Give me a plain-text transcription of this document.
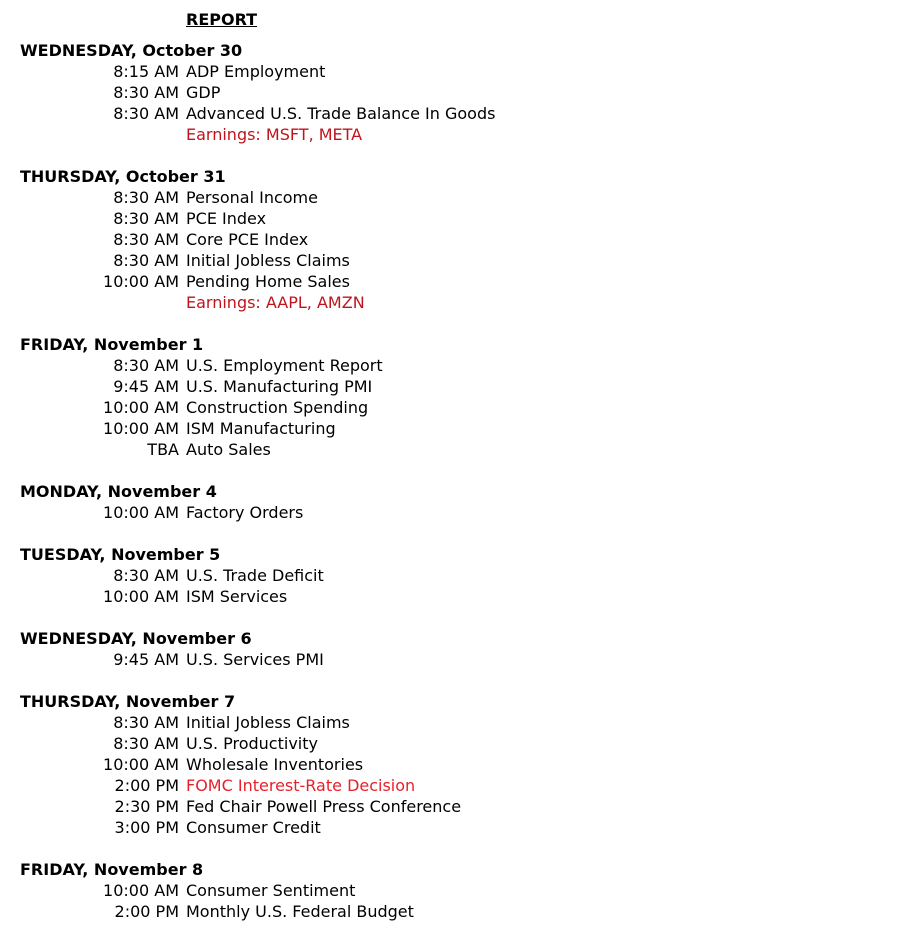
REPORT
WEDNESDAY, October 30
8:15 AM ADP Employment
8:30 AM GDP
8:30 AM Advanced U.S. Trade Balance In Goods
Earnings: MSFT, META
THURSDAY, October 31
8:30 AM Personal Income
8:30 AM PCE Index
8:30 AM Core PCE Index
8:30 AM Initial Jobless Claims
10:00 AM Pending Home Sales
Earnings: AAPL, AMZN
FRIDAY, November 1
8:30 AM U.S. Employment Report
9:45 AM U.S. Manufacturing PMI
10:00 AM Construction Spending
10:00 AM ISM Manufacturing
TBA Auto Sales
MONDAY, November 4
10:00 AM Factory Orders
TUESDAY, November 5
8:30 AM U.S. Trade Deficit
10:00 AM ISM Services
WEDNESDAY, November 6
9:45 AM U.S. Services PMI
THURSDAY, November 7
8:30 AM Initial Jobless Claims
8:30 AM U.S. Productivity
10:00 AM Wholesale Inventories
2:00 PM FOMC Interest-Rate Decision
2:30 PM Fed Chair Powell Press Conference
3:00 PM Consumer Credit
FRIDAY, November 8
10:00 AM Consumer Sentiment
2:00 PM Monthly U.S. Federal Budget
